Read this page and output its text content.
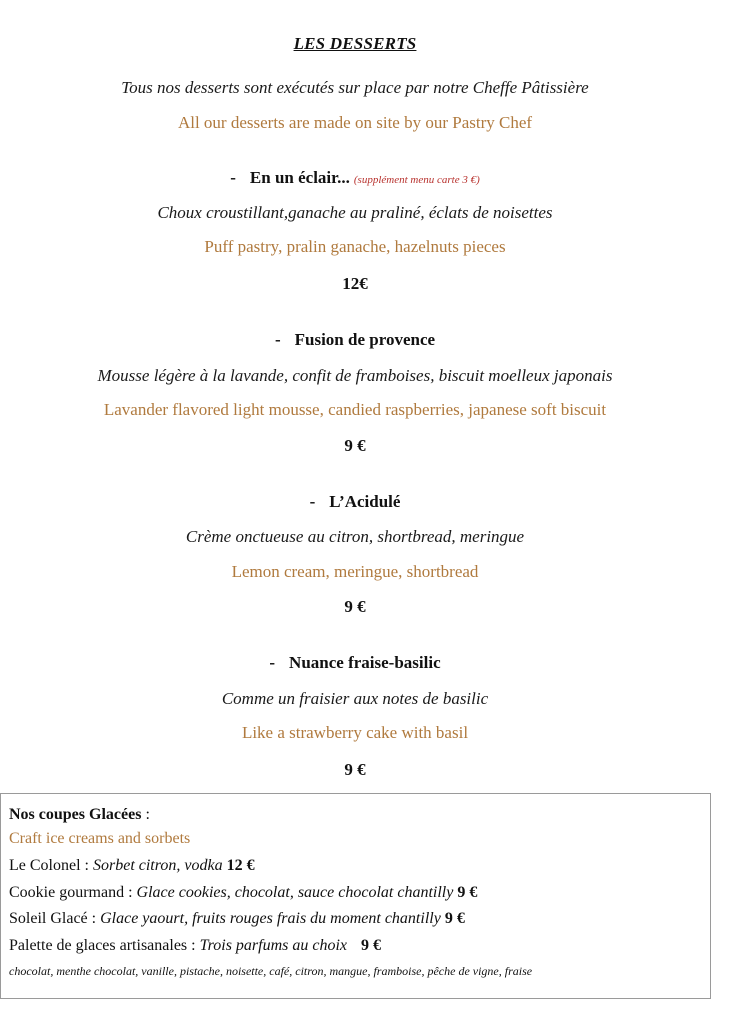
LES DESSERTS
Tous nos desserts sont exécutés sur place par notre Cheffe Pâtissière
All our desserts are made on site by our Pastry Chef
- En un éclair... (supplément menu carte 3 €)
Choux croustillant,ganache au praliné, éclats de noisettes
Puff pastry, pralin ganache, hazelnuts pieces
12€
- Fusion de provence
Mousse légère à la lavande, confit de framboises, biscuit moelleux japonais
Lavander flavored light mousse, candied raspberries, japanese soft biscuit
9 €
- L’Acidulé
Crème onctueuse au citron, shortbread, meringue
Lemon cream, meringue, shortbread
9 €
- Nuance fraise-basilic
Comme un fraisier aux notes de basilic
Like a strawberry cake with basil
9 €
Nos coupes Glacées :
Craft ice creams and sorbets
Le Colonel : Sorbet citron, vodka 12 €
Cookie gourmand : Glace cookies, chocolat, sauce chocolat chantilly 9 €
Soleil Glacé : Glace yaourt, fruits rouges frais du moment chantilly 9 €
Palette de glaces artisanales : Trois parfums au choix 9 €
chocolat, menthe chocolat, vanille, pistache, noisette, café, citron, mangue, framboise, pêche de vigne, fraise
